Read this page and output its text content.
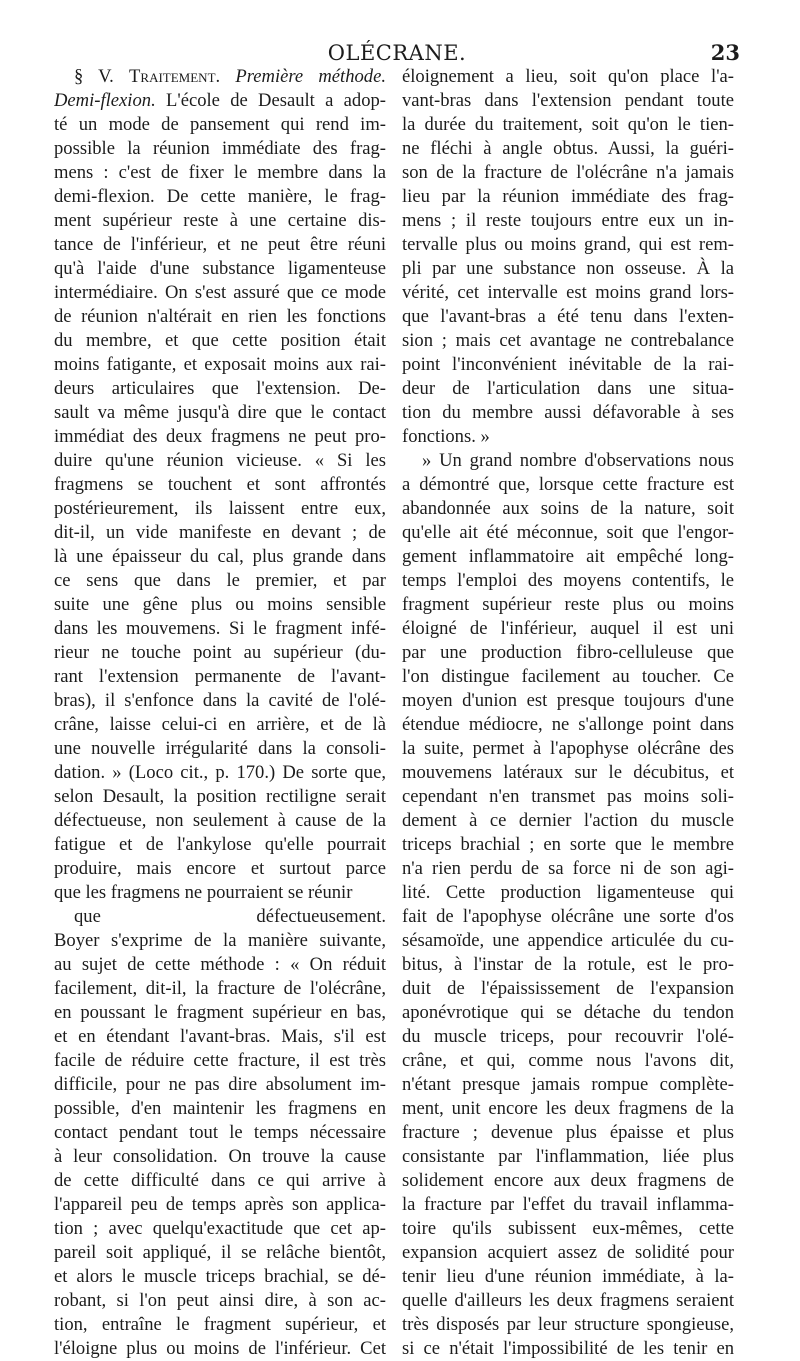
OLÉCRANE.	23
§ V. Traitement. Première méthode.
Demi-flexion. L'école de Desault a adop-
té un mode de pansement qui rend im-
possible la réunion immédiate des frag-
mens : c'est de fixer le membre dans la
demi-flexion. De cette manière, le frag-
ment supérieur reste à une certaine dis-
tance de l'inférieur, et ne peut être réuni
qu'à l'aide d'une substance ligamenteuse
intermédiaire. On s'est assuré que ce mode
de réunion n'altérait en rien les fonctions
du membre, et que cette position était
moins fatigante, et exposait moins aux rai-
deurs articulaires que l'extension. De-
sault va même jusqu'à dire que le contact
immédiat des deux fragmens ne peut pro-
duire qu'une réunion vicieuse. « Si les
fragmens se touchent et sont affrontés
postérieurement, ils laissent entre eux,
dit-il, un vide manifeste en devant ; de
là une épaisseur du cal, plus grande dans
ce sens que dans le premier, et par
suite une gêne plus ou moins sensible
dans les mouvemens. Si le fragment infé-
rieur ne touche point au supérieur (du-
rant l'extension permanente de l'avant-
bras), il s'enfonce dans la cavité de l'olé-
crâne, laisse celui-ci en arrière, et de là
une nouvelle irrégularité dans la consoli-
dation. » (Loco cit., p. 170.) De sorte que,
selon Desault, la position rectiligne serait
défectueuse, non seulement à cause de la
fatigue et de l'ankylose qu'elle pourrait
produire, mais encore et surtout parce
que les fragmens ne pourraient se réunir
que défectueusement.
Boyer s'exprime de la manière suivante,
au sujet de cette méthode : « On réduit
facilement, dit-il, la fracture de l'olécrâne,
en poussant le fragment supérieur en bas,
et en étendant l'avant-bras. Mais, s'il est
facile de réduire cette fracture, il est très
difficile, pour ne pas dire absolument im-
possible, d'en maintenir les fragmens en
contact pendant tout le temps nécessaire
à leur consolidation. On trouve la cause
de cette difficulté dans ce qui arrive à
l'appareil peu de temps après son applica-
tion ; avec quelqu'exactitude que cet ap-
pareil soit appliqué, il se relâche bientôt,
et alors le muscle triceps brachial, se dé-
robant, si l'on peut ainsi dire, à son ac-
tion, entraîne le fragment supérieur, et
l'éloigne plus ou moins de l'inférieur. Cet
éloignement a lieu, soit qu'on place l'a-
vant-bras dans l'extension pendant toute
la durée du traitement, soit qu'on le tien-
ne fléchi à angle obtus. Aussi, la guéri-
son de la fracture de l'olécrâne n'a jamais
lieu par la réunion immédiate des frag-
mens ; il reste toujours entre eux un in-
tervalle plus ou moins grand, qui est rem-
pli par une substance non osseuse. À la
vérité, cet intervalle est moins grand lors-
que l'avant-bras a été tenu dans l'exten-
sion ; mais cet avantage ne contrebalance
point l'inconvénient inévitable de la rai-
deur de l'articulation dans une situa-
tion du membre aussi défavorable à ses
fonctions. »
» Un grand nombre d'observations nous
a démontré que, lorsque cette fracture est
abandonnée aux soins de la nature, soit
qu'elle ait été méconnue, soit que l'engor-
gement inflammatoire ait empêché long-
temps l'emploi des moyens contentifs, le
fragment supérieur reste plus ou moins
éloigné de l'inférieur, auquel il est uni
par une production fibro-celluleuse que
l'on distingue facilement au toucher. Ce
moyen d'union est presque toujours d'une
étendue médiocre, ne s'allonge point dans
la suite, permet à l'apophyse olécrâne des
mouvemens latéraux sur le décubitus, et
cependant n'en transmet pas moins soli-
dement à ce dernier l'action du muscle
triceps brachial ; en sorte que le membre
n'a rien perdu de sa force ni de son agi-
lité. Cette production ligamenteuse qui
fait de l'apophyse olécrâne une sorte d'os
sésamoïde, une appendice articulée du cu-
bitus, à l'instar de la rotule, est le pro-
duit de l'épaississement de l'expansion
aponévrotique qui se détache du tendon
du muscle triceps, pour recouvrir l'olé-
crâne, et qui, comme nous l'avons dit,
n'étant presque jamais rompue complète-
ment, unit encore les deux fragmens de la
fracture ; devenue plus épaisse et plus
consistante par l'inflammation, liée plus
solidement encore aux deux fragmens de
la fracture par l'effet du travail inflamma-
toire qu'ils subissent eux-mêmes, cette
expansion acquiert assez de solidité pour
tenir lieu d'une réunion immédiate, à la-
quelle d'ailleurs les deux fragmens seraient
très disposés par leur structure spongieuse,
si ce n'était l'impossibilité de les tenir en
